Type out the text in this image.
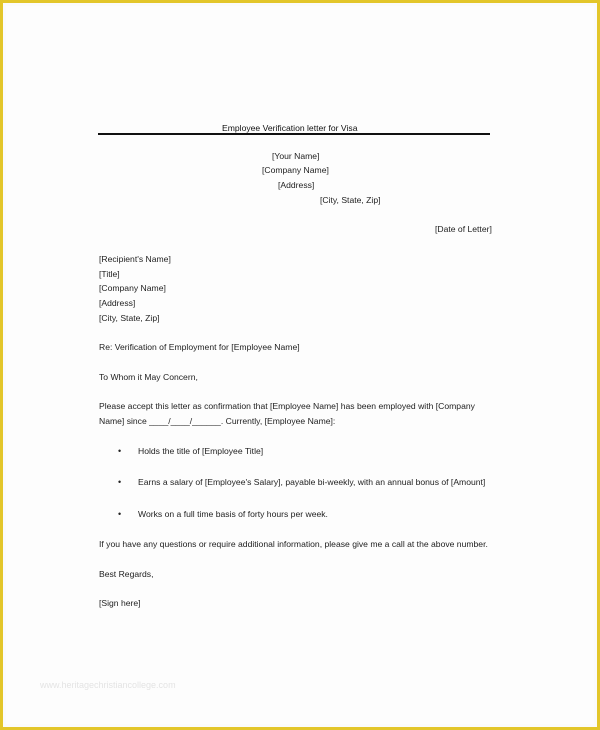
Employee Verification letter for Visa
[Your Name]
[Company Name]
[Address]
[City, State, Zip]
[Date of Letter]
[Recipient's Name]
[Title]
[Company Name]
[Address]
[City, State, Zip]
Re: Verification of Employment for [Employee Name]
To Whom it May Concern,
Please accept this letter as confirmation that [Employee Name] has been employed with [Company
Name] since ____/____/______. Currently, [Employee Name]:
• Holds the title of [Employee Title]
• Earns a salary of [Employee's Salary], payable bi-weekly, with an annual bonus of [Amount]
• Works on a full time basis of forty hours per week.
If you have any questions or require additional information, please give me a call at the above number.
Best Regards,
[Sign here]
www.heritagechristiancollege.com
